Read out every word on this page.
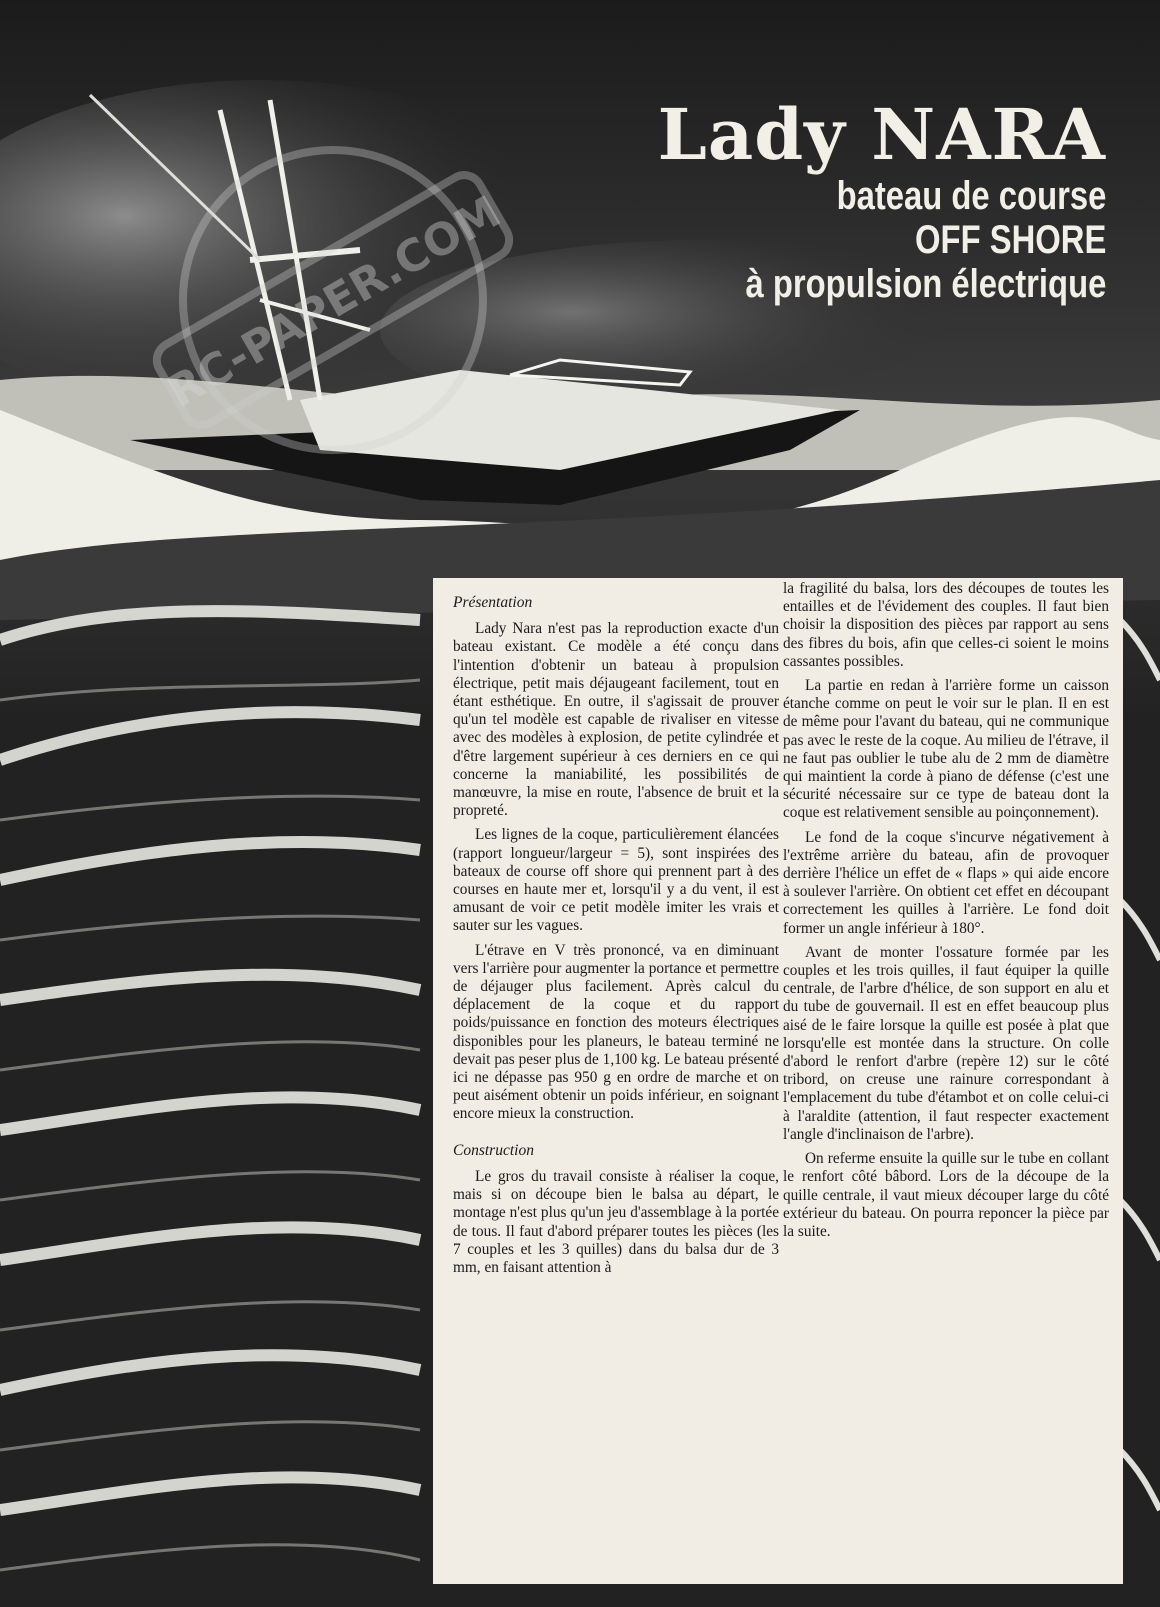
RC-PAPER.COM
Lady NARA
bateau de course
OFF SHORE
à propulsion électrique
Présentation

Lady Nara n'est pas la reproduction exacte d'un bateau existant. Ce modèle a été conçu dans l'intention d'obtenir un bateau à propulsion électrique, petit mais déjaugeant facilement, tout en étant esthétique. En outre, il s'agissait de prouver qu'un tel modèle est capable de rivaliser en vitesse avec des modèles à explosion, de petite cylindrée et d'être largement supérieur à ces derniers en ce qui concerne la maniabilité, les possibilités de manœuvre, la mise en route, l'absence de bruit et la propreté.

Les lignes de la coque, particulièrement élancées (rapport longueur/largeur = 5), sont inspirées des bateaux de course off shore qui prennent part à des courses en haute mer et, lorsqu'il y a du vent, il est amusant de voir ce petit modèle imiter les vrais et sauter sur les vagues.

L'étrave en V très prononcé, va en diminuant vers l'arrière pour augmenter la portance et permettre de déjauger plus facilement. Après calcul du déplacement de la coque et du rapport poids/puissance en fonction des moteurs électriques disponibles pour les planeurs, le bateau terminé ne devait pas peser plus de 1,100 kg. Le bateau présenté ici ne dépasse pas 950 g en ordre de marche et on peut aisément obtenir un poids inférieur, en soignant encore mieux la construction.

Construction

Le gros du travail consiste à réaliser la coque, mais si on découpe bien le balsa au départ, le montage n'est plus qu'un jeu d'assemblage à la portée de tous. Il faut d'abord préparer toutes les pièces (les 7 couples et les 3 quilles) dans du balsa dur de 3 mm, en faisant attention à

la fragilité du balsa, lors des découpes de toutes les entailles et de l'évidement des couples. Il faut bien choisir la disposition des pièces par rapport au sens des fibres du bois, afin que celles-ci soient le moins cassantes possibles.

La partie en redan à l'arrière forme un caisson étanche comme on peut le voir sur le plan. Il en est de même pour l'avant du bateau, qui ne communique pas avec le reste de la coque. Au milieu de l'étrave, il ne faut pas oublier le tube alu de 2 mm de diamètre qui maintient la corde à piano de défense (c'est une sécurité nécessaire sur ce type de bateau dont la coque est relativement sensible au poinçonnement).

Le fond de la coque s'incurve négativement à l'extrême arrière du bateau, afin de provoquer derrière l'hélice un effet de « flaps » qui aide encore à soulever l'arrière. On obtient cet effet en découpant correctement les quilles à l'arrière. Le fond doit former un angle inférieur à 180°.

Avant de monter l'ossature formée par les couples et les trois quilles, il faut équiper la quille centrale, de l'arbre d'hélice, de son support en alu et du tube de gouvernail. Il est en effet beaucoup plus aisé de le faire lorsque la quille est posée à plat que lorsqu'elle est montée dans la structure. On colle d'abord le renfort d'arbre (repère 12) sur le côté tribord, on creuse une rainure correspondant à l'emplacement du tube d'étambot et on colle celui-ci à l'araldite (attention, il faut respecter exactement l'angle d'inclinaison de l'arbre).

On referme ensuite la quille sur le tube en collant le renfort côté bâbord. Lors de la découpe de la quille centrale, il vaut mieux découper large du côté extérieur du bateau. On pourra reponcer la pièce par la suite.
